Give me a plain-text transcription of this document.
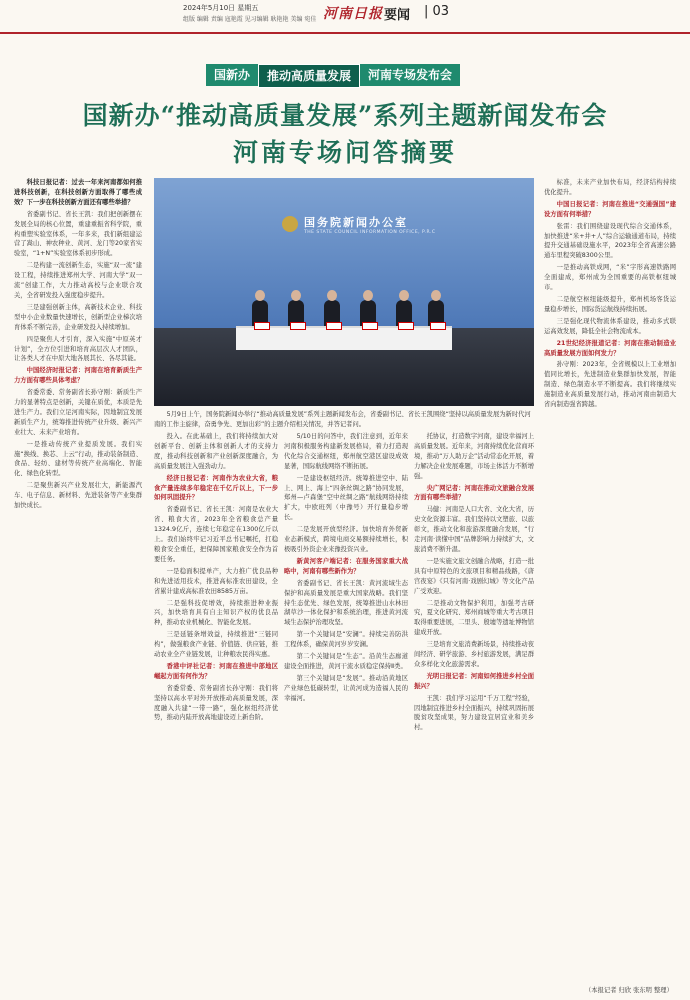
2024年5月10日 星期五
组版 编辑 责编 寇艳霞 见习编辑 耿艳艳 美编 宛佳 河南日报 要闻 | 03
国新办	推动高质量发展	河南专场发布会
国新办“推动高质量发展”系列主题新闻发布会
河南专场问答摘要

科技日报记者：过去一年来河南都如何推进科技创新，在科技创新方面取得了哪些成效？下一步在科技创新方面还有哪些举措？

省委副书记、省长王凯：我们把创新摆在发展全局的核心位置，重建重振省科学院，重构重塑实验室体系，一年多来，我们新组建运营了嵩山、神农种业、黄河、龙门等20家省实验室，“1+N”实验室体系初步形成。

二是构建一流创新生态，实施“双一流”建设工程，持续推进郑州大学、河南大学“双一流”创建工作，大力推动高校与企业联合攻关，全省研发投入强度稳步提升。

三是建强创新主体，高新技术企业、科技型中小企业数量快速增长，创新型企业梯次培育体系不断完善，企业研发投入持续增加。

四是聚焦人才引育，深入实施“中原英才计划”，全方位引进和培育高层次人才团队，让各类人才在中原大地各展其长、各尽其能。

中国经济时报记者：河南在培育新质生产力方面有哪些具体考虑？

省委常委、常务副省长孙守刚：新质生产力的显著特点是创新，关键在质优，本质是先进生产力。我们立足河南实际，因地制宜发展新质生产力，统筹推进传统产业升级、新兴产业壮大、未来产业培育。

一是推动传统产业提质发展。我们实施“换线、换芯、上云”行动，推动装备制造、食品、轻纺、建材等传统产业高端化、智能化、绿色化转型。

二是聚焦新兴产业发展壮大，新能源汽车、电子信息、新材料、先进装备等产业集群加快成长。

国务院新闻办公室
THE STATE COUNCIL INFORMATION OFFICE, P.R.C
5月9日上午，国务院新闻办举行“推动高质量发展”系列主题新闻发布会，省委副书记、省长王凯围绕“坚持以高质量发展为新时代河南的工作主旋律，奋勇争先、更加出彩”的主题介绍相关情况，并答记者问。

投入。在此基础上，我们将持续加大对创新平台、创新主体和创新人才的支持力度，推动科技创新和产业创新深度融合，为高质量发展注入强劲动力。

经济日报记者：河南作为农业大省，粮食产量连续多年稳定在千亿斤以上，下一步如何巩固提升？

省委副书记、省长王凯：河南是农业大省、粮食大省，2023年全省粮食总产量1324.9亿斤，连续七年稳定在1300亿斤以上。我们始终牢记习近平总书记嘱托，扛稳粮食安全重任，把保障国家粮食安全作为首要任务。

一是稳面积提单产，大力推广优良品种和先进适用技术，推进高标准农田建设，全省累计建成高标准农田8585万亩。

二是强科技促增效，持续推进种业振兴，加快培育具有自主知识产权的优良品种，推动农业机械化、智能化发展。

三是延链条增效益，持续推进“三链同构”，做强粮食产业链、价值链、供应链，推动农业全产业链发展，让种粮农民得实惠。

香港中评社记者：河南在推进中部地区崛起方面有何作为？

省委常委、常务副省长孙守刚：我们将坚持以高水平对外开放推动高质量发展，深度融入共建“一带一路”，强化枢纽经济优势，推动内陆开放高地建设迈上新台阶。

5/10日的问答中，我们注意到，近年来河南积极服务构建新发展格局，着力打造现代化综合交通枢纽，郑州航空港区建设成效显著，国际航线网络不断拓展。

一是建设枢纽经济。统筹推进空中、陆上、网上、海上“四条丝绸之路”协同发展，郑州—卢森堡“空中丝绸之路”航线网络持续扩大，中欧班列（中豫号）开行量稳步增长。

二是发展开放型经济。加快培育外贸新业态新模式，跨境电商交易额持续增长，积极吸引外资企业来豫投资兴业。

新黄河客户端记者：在服务国家重大战略中，河南有哪些新作为？

省委副书记、省长王凯：黄河流域生态保护和高质量发展是重大国家战略。我们坚持生态优先、绿色发展，统筹推进山水林田湖草沙一体化保护和系统治理，推进黄河流域生态保护治理攻坚。

第一个关键词是“安澜”。持续完善防洪工程体系，确保黄河岁岁安澜。

第二个关键词是“生态”。沿黄生态廊道建设全面推进，黄河干流水质稳定保持Ⅱ类。

第三个关键词是“发展”。推动沿黄地区产业绿色低碳转型，让黄河成为造福人民的幸福河。

托协议，打造数字河南，建设幸福河上高质量发展。近年来，河南持续优化营商环境，推动“万人助万企”活动常态化开展，着力解决企业发展难题，市场主体活力不断增强。

央广网记者：河南在推动文旅融合发展方面有哪些举措？

马健：河南是人口大省、文化大省，历史文化资源丰富。我们坚持以文塑旅、以旅彰文，推动文化和旅游深度融合发展，“行走河南·读懂中国”品牌影响力持续扩大，文旅消费不断升温。

一是实施文旅文创融合战略，打造一批具有中原特色的文旅项目和精品线路，《唐宫夜宴》《只有河南·戏剧幻城》等文化产品广受欢迎。

二是推动文物保护利用，加强考古研究，夏文化研究、郑州商城等重大考古项目取得重要进展，二里头、殷墟等遗址博物馆建成开放。

三是培育文旅消费新场景，持续推动夜间经济、研学旅游、乡村旅游发展，满足群众多样化文化旅游需求。

光明日报记者：河南如何推进乡村全面振兴？

王凯：我们学习运用“千万工程”经验，因地制宜推进乡村全面振兴，持续巩固拓展脱贫攻坚成果，努力建设宜居宜业和美乡村。

标准，未来产业加快布局，经济结构持续优化提升。

中国日报记者：河南在推进“交通强国”建设方面有何举措？

张雷：我们围绕建设现代综合交通体系，加快推进“米+井+人”综合运输通道布局，持续提升交通基础设施水平，2023年全省高速公路通车里程突破8300公里。

一是推动高铁成网，“米”字形高速铁路网全面建成，郑州成为全国重要的高铁枢纽城市。

二是航空枢纽能级提升，郑州机场客货运量稳步增长，国际货运航线持续拓展。

三是强化现代物流体系建设，推动多式联运高效发展，降低全社会物流成本。

21世纪经济报道记者：河南在推动制造业高质量发展方面如何发力？

孙守刚：2023年，全省规模以上工业增加值同比增长，先进制造业集群加快发展，智能制造、绿色制造水平不断提高。我们将继续实施制造业高质量发展行动，推动河南由制造大省向制造强省跨越。

（本报记者 归欣 张东明 整理）
